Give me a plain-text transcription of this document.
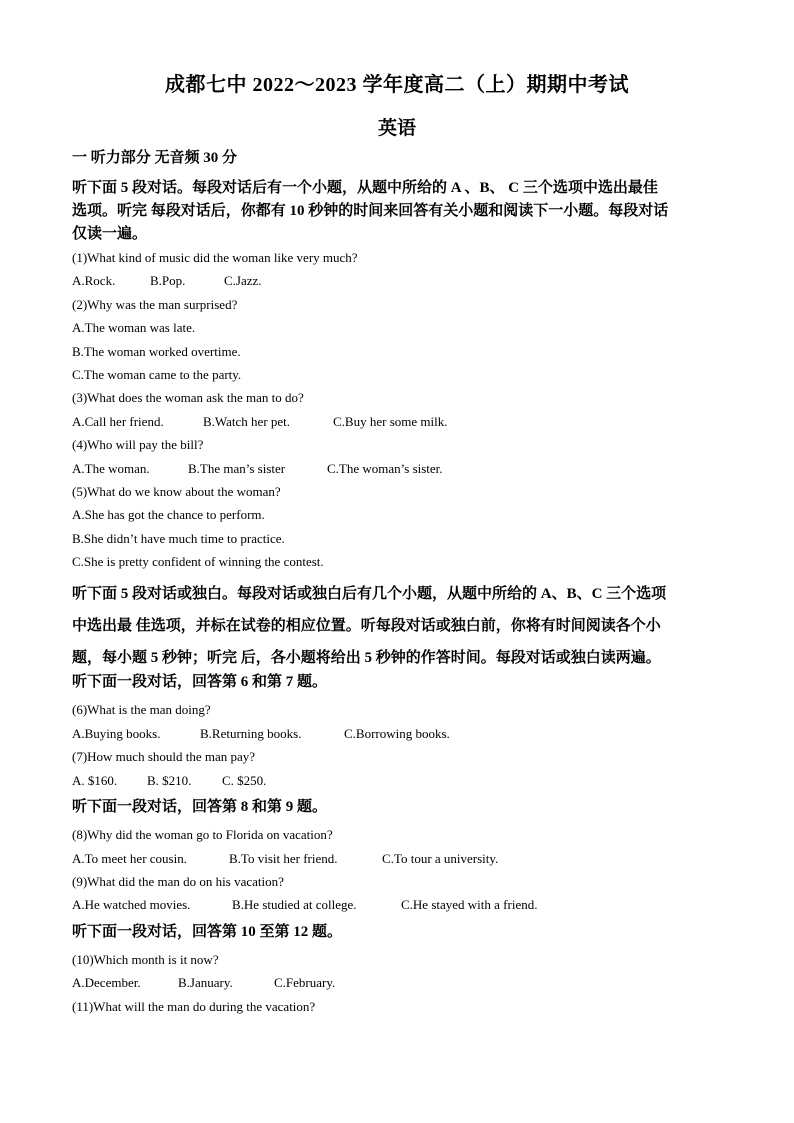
成都七中 2022～2023 学年度高二（上）期期中考试
英语
一 听力部分 无音频 30 分
听下面 5 段对话。每段对话后有一个小题，从题中所给的 A 、B、 C 三个选项中选出最佳
选项。听完 每段对话后，你都有 10 秒钟的时间来回答有关小题和阅读下一小题。每段对话
仅读一遍。
(1)What kind of music did the woman like very much?
A.Rock.	B.Pop.	C.Jazz.
(2)Why was the man surprised?
A.The woman was late.
B.The woman worked overtime.
C.The woman came to the party.
(3)What does the woman ask the man to do?
A.Call her friend.	B.Watch her pet.	C.Buy her some milk.
(4)Who will pay the bill?
A.The woman.	B.The man’s sister	C.The woman’s sister.
(5)What do we know about the woman?
A.She has got the chance to perform.
B.She didn’t have much time to practice.
C.She is pretty confident of winning the contest.
听下面 5 段对话或独白。每段对话或独白后有几个小题，从题中所给的 A、B、C 三个选项
中选出最 佳选项，并标在试卷的相应位置。听每段对话或独白前，你将有时间阅读各个小
题，每小题 5 秒钟；听完 后，各小题将给出 5 秒钟的作答时间。每段对话或独白读两遍。
听下面一段对话，回答第 6 和第 7 题。
(6)What is the man doing?
A.Buying books.	B.Returning books.	C.Borrowing books.
(7)How much should the man pay?
A. $160. B. $210. C. $250.
听下面一段对话，回答第 8 和第 9 题。
(8)Why did the woman go to Florida on vacation?
A.To meet her cousin.	B.To visit her friend.	C.To tour a university.
(9)What did the man do on his vacation?
A.He watched movies.	B.He studied at college.	C.He stayed with a friend.
听下面一段对话，回答第 10 至第 12 题。
(10)Which month is it now?
A.December.	B.January.	C.February.
(11)What will the man do during the vacation?
